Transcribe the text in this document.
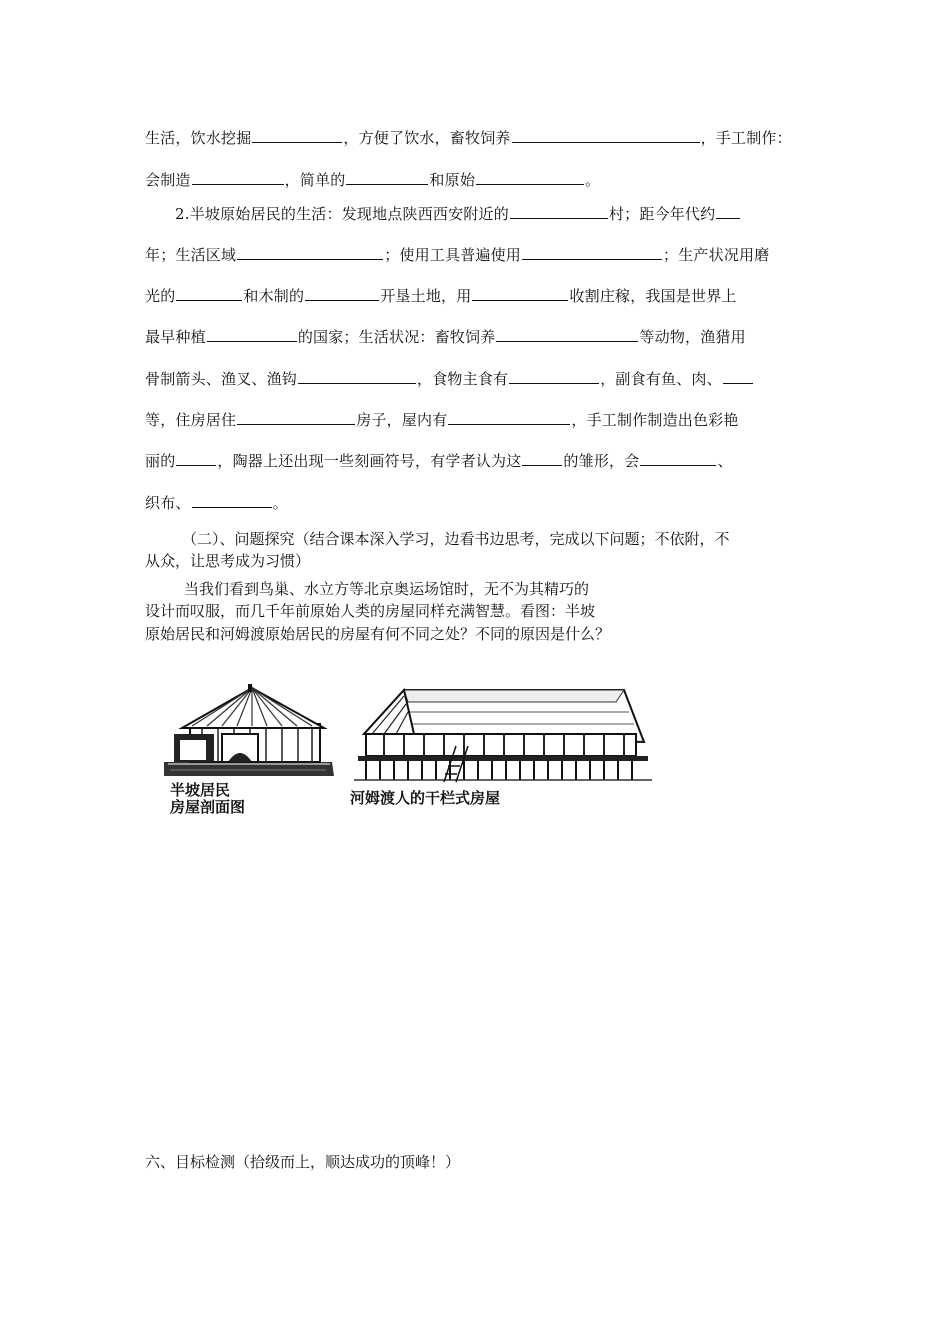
生活，饮水挖掘	，方便了饮水，畜牧饲养	，手工制作：
会制造	，简单的	和原始	。
2.半坡原始居民的生活：发现地点陕西西安附近的	村；距今年代约
年；生活区域	；使用工具普遍使用	；生产状况用磨
光的	和木制的	开垦土地，用	收割庄稼，我国是世界上
最早种植	的国家；生活状况：畜牧饲养	等动物，渔猎用
骨制箭头、渔叉、渔钩	，食物主食有	，副食有鱼、肉、
等，住房居住	房子，屋内有	，手工制作制造出色彩艳
丽的	，陶器上还出现一些刻画符号，有学者认为这	的雏形，会	、
织布、	。
（二）、问题探究（结合课本深入学习，边看书边思考，完成以下问题；不依附，不
从众，让思考成为习惯）
当我们看到鸟巢、水立方等北京奥运场馆时，无不为其精巧的
设计而叹服，而几千年前原始人类的房屋同样充满智慧。看图：半坡
原始居民和河姆渡原始居民的房屋有何不同之处？不同的原因是什么？
半坡居民
房屋剖面图	河姆渡人的干栏式房屋
六、目标检测（拾级而上，顺达成功的顶峰！）
